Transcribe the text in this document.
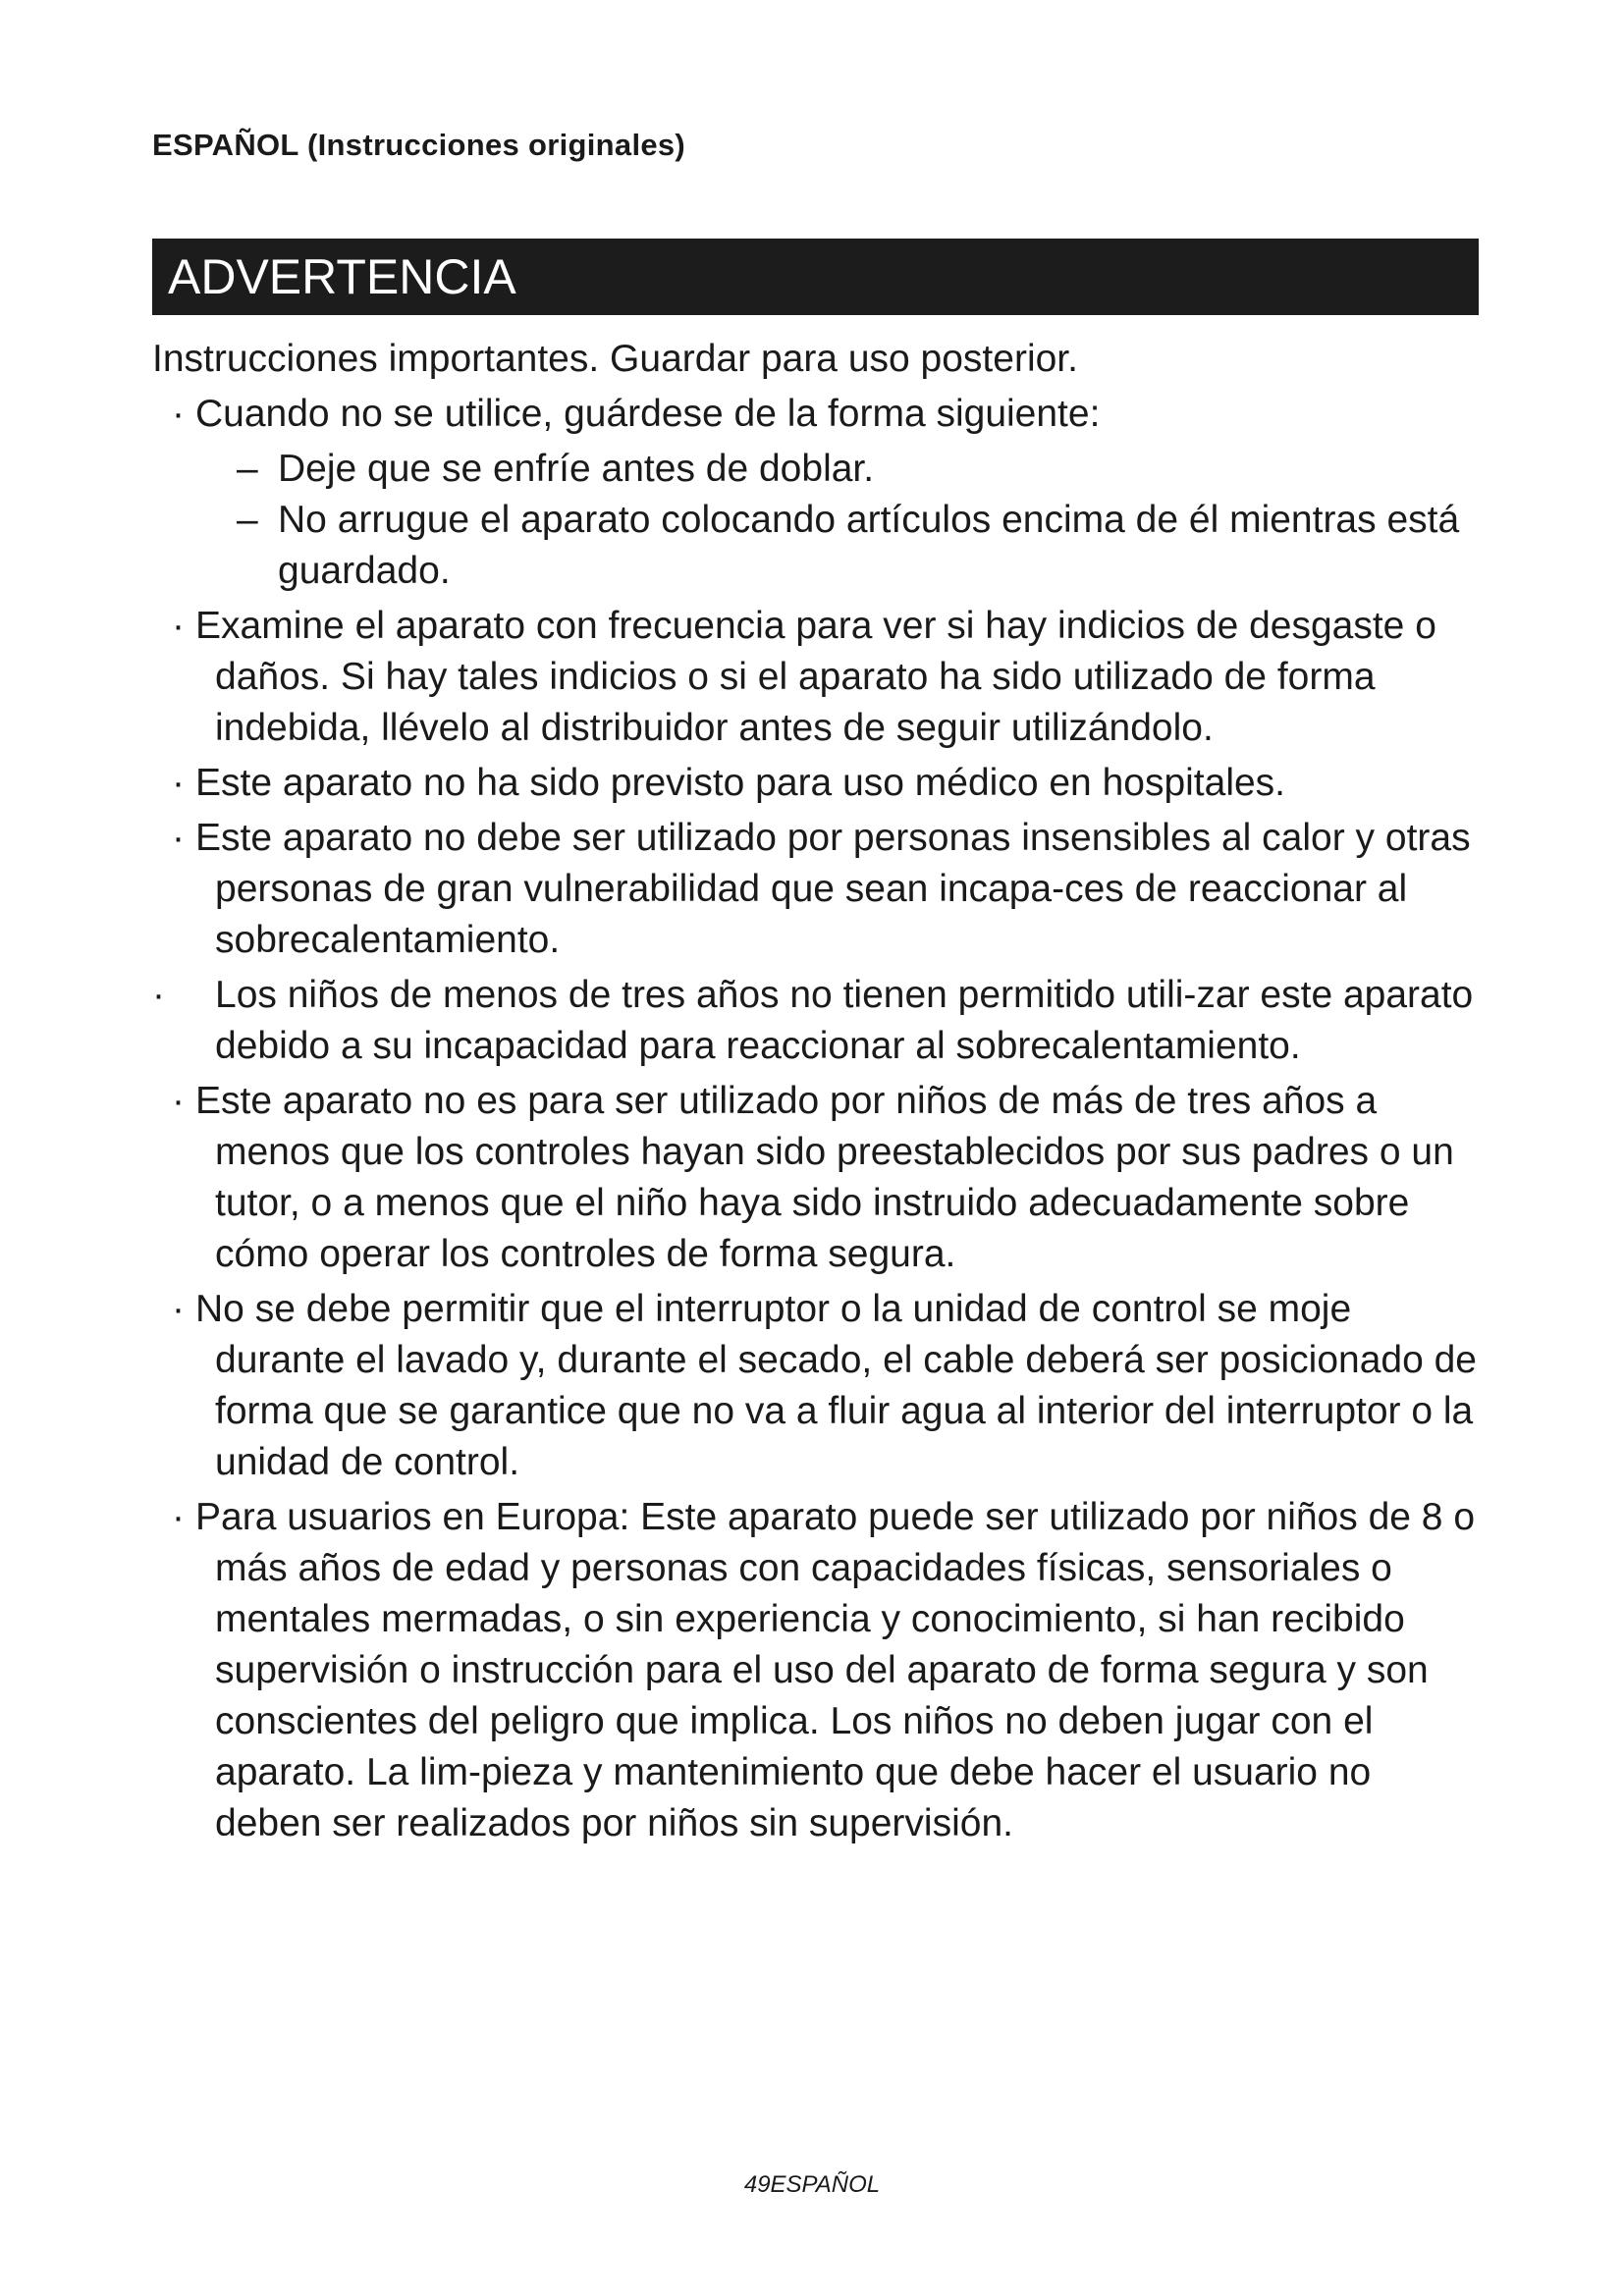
ESPAÑOL (Instrucciones originales)
ADVERTENCIA

Instrucciones importantes. Guardar para uso posterior.

· Cuando no se utilice, guárdese de la forma siguiente:
– Deje que se enfríe antes de doblar.
– No arrugue el aparato colocando artículos encima de él mientras está guardado.
· Examine el aparato con frecuencia para ver si hay indicios de desgaste o daños. Si hay tales indicios o si el aparato ha sido utilizado de forma indebida, llévelo al distribuidor antes de seguir utilizándolo.
· Este aparato no ha sido previsto para uso médico en hospitales.
· Este aparato no debe ser utilizado por personas insensibles al calor y otras personas de gran vulnerabilidad que sean incapa-ces de reaccionar al sobrecalentamiento.
· Los niños de menos de tres años no tienen permitido utili-zar este aparato debido a su incapacidad para reaccionar al sobrecalentamiento.
· Este aparato no es para ser utilizado por niños de más de tres años a menos que los controles hayan sido preestablecidos por sus padres o un tutor, o a menos que el niño haya sido instruido adecuadamente sobre cómo operar los controles de forma segura.
· No se debe permitir que el interruptor o la unidad de control se moje durante el lavado y, durante el secado, el cable deberá ser posicionado de forma que se garantice que no va a fluir agua al interior del interruptor o la unidad de control.
· Para usuarios en Europa: Este aparato puede ser utilizado por niños de 8 o más años de edad y personas con capacidades físicas, sensoriales o mentales mermadas, o sin experiencia y conocimiento, si han recibido supervisión o instrucción para el uso del aparato de forma segura y son conscientes del peligro que implica. Los niños no deben jugar con el aparato. La lim-pieza y mantenimiento que debe hacer el usuario no deben ser realizados por niños sin supervisión.
49ESPAÑOL
